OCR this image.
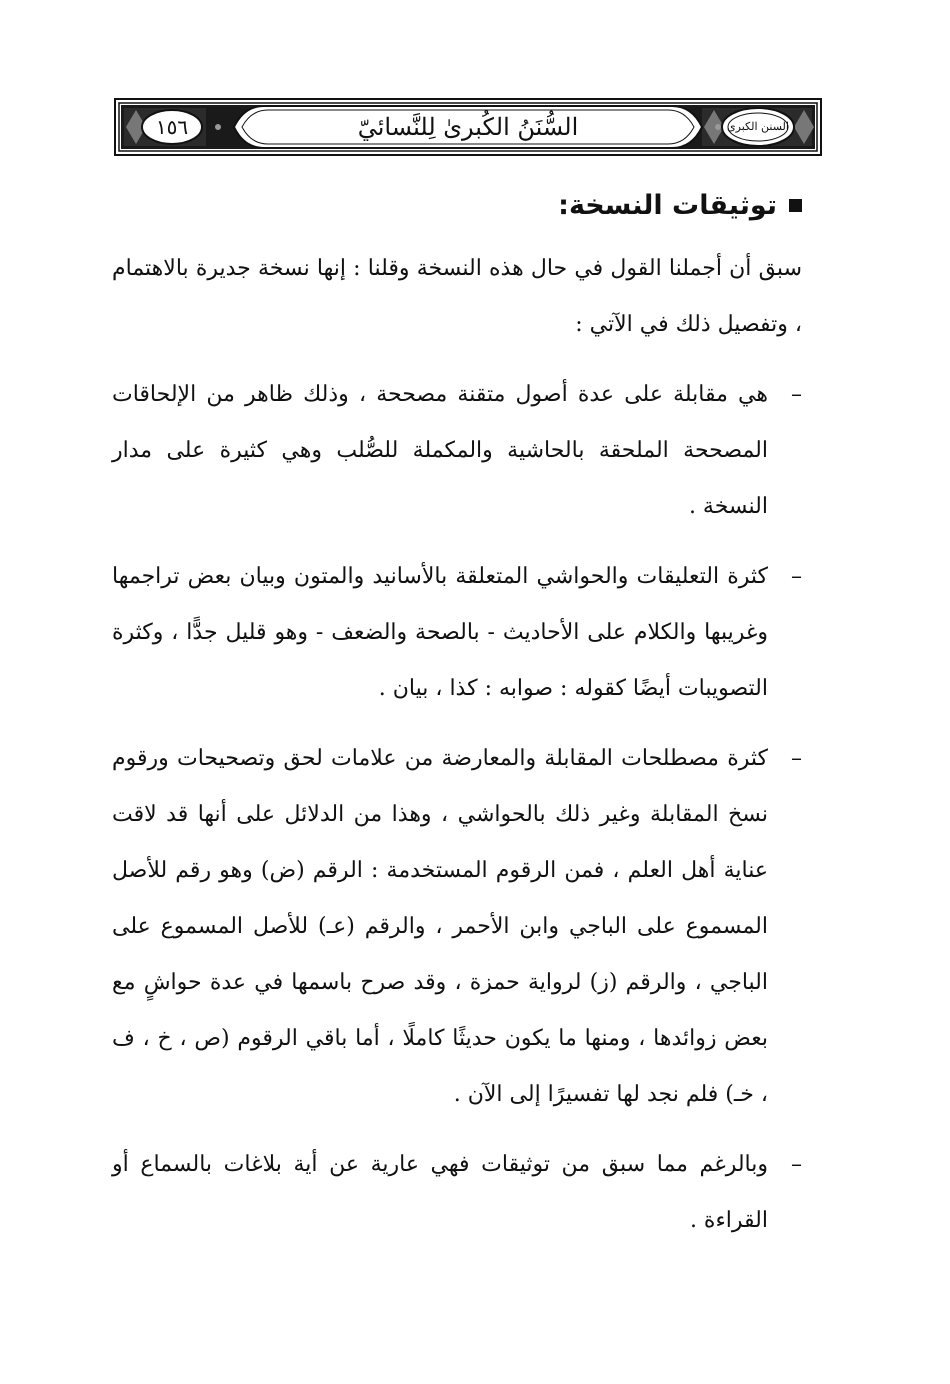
١٥٦	السُّنَنُ الكُبرىٰ لِلنَّسائيّ	السنن الكبرى
توثيقات النسخة:

سبق أن أجملنا القول في حال هذه النسخة وقلنا : إنها نسخة جديرة بالاهتمام ، وتفصيل ذلك في الآتي :

–
هي مقابلة على عدة أصول متقنة مصححة ، وذلك ظاهر من الإلحاقات المصححة الملحقة بالحاشية والمكملة للصُّلب وهي كثيرة على مدار النسخة .
–
كثرة التعليقات والحواشي المتعلقة بالأسانيد والمتون وبيان بعض تراجمها وغريبها والكلام على الأحاديث - بالصحة والضعف - وهو قليل جدًّا ، وكثرة التصويبات أيضًا كقوله : صوابه : كذا ، بيان .
–
كثرة مصطلحات المقابلة والمعارضة من علامات لحق وتصحيحات ورقوم نسخ المقابلة وغير ذلك بالحواشي ، وهذا من الدلائل على أنها قد لاقت عناية أهل العلم ، فمن الرقوم المستخدمة : الرقم (ض) وهو رقم للأصل المسموع على الباجي وابن الأحمر ، والرقم (عـ) للأصل المسموع على الباجي ، والرقم (ز) لرواية حمزة ، وقد صرح باسمها في عدة حواشٍ مع بعض زوائدها ، ومنها ما يكون حديثًا كاملًا ، أما باقي الرقوم (ص ، خ ، ف ، خـ) فلم نجد لها تفسيرًا إلى الآن .
–
وبالرغم مما سبق من توثيقات فهي عارية عن أية بلاغات بالسماع أو القراءة .
